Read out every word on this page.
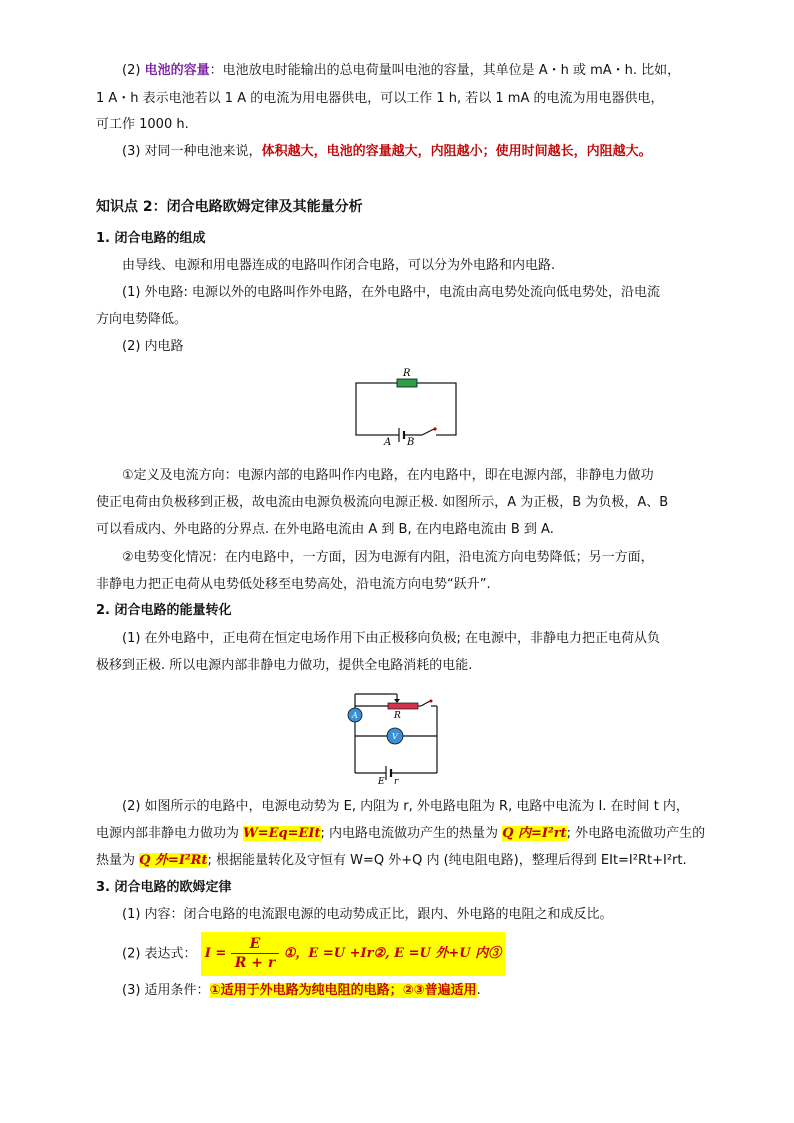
(2) 电池的容量：电池放电时能输出的总电荷量叫电池的容量，其单位是 A・h 或 mA・h. 比如，

1 A・h 表示电池若以 1 A 的电流为用电器供电，可以工作 1 h, 若以 1 mA 的电流为用电器供电，

可工作 1000 h.

(3) 对同一种电池来说，体积越大，电池的容量越大，内阻越小；使用时间越长，内阻越大。

知识点 2：闭合电路欧姆定律及其能量分析

1. 闭合电路的组成

由导线、电源和用电器连成的电路叫作闭合电路，可以分为外电路和内电路.

(1) 外电路: 电源以外的电路叫作外电路，在外电路中，电流由高电势处流向低电势处，沿电流

方向电势降低。

(2) 内电路

R
A B

①定义及电流方向：电源内部的电路叫作内电路，在内电路中，即在电源内部，非静电力做功

使正电荷由负极移到正极，故电流由电源负极流向电源正极. 如图所示，A 为正极，B 为负极，A、B

可以看成内、外电路的分界点. 在外电路电流由 A 到 B, 在内电路电流由 B 到 A.

②电势变化情况：在内电路中，一方面，因为电源有内阻，沿电流方向电势降低；另一方面，

非静电力把正电荷从电势低处移至电势高处，沿电流方向电势“跃升”.

2. 闭合电路的能量转化

(1) 在外电路中，正电荷在恒定电场作用下由正极移向负极; 在电源中，非静电力把正电荷从负

极移到正极. 所以电源内部非静电力做功，提供全电路消耗的电能.

A
V
R
E r

(2) 如图所示的电路中，电源电动势为 E, 内阻为 r, 外电路电阻为 R, 电路中电流为 I. 在时间 t 内，

电源内部非静电力做功为 W=Eq=EIt; 内电路电流做功产生的热量为 Q 内=I²rt; 外电路电流做功产生的

热量为 Q 外=I²Rt; 根据能量转化及守恒有 W=Q 外+Q 内 (纯电阻电路)，整理后得到 EIt=I²Rt+I²rt.

3. 闭合电路的欧姆定律

(1) 内容：闭合电路的电流跟电源的电动势成正比，跟内、外电路的电阻之和成反比。

(2) 表达式： $I = \frac{E}{R + r}$ ①，E =U +Ir②, E =U 外+U 内③

(3) 适用条件：①适用于外电路为纯电阻的电路；②③普遍适用.
